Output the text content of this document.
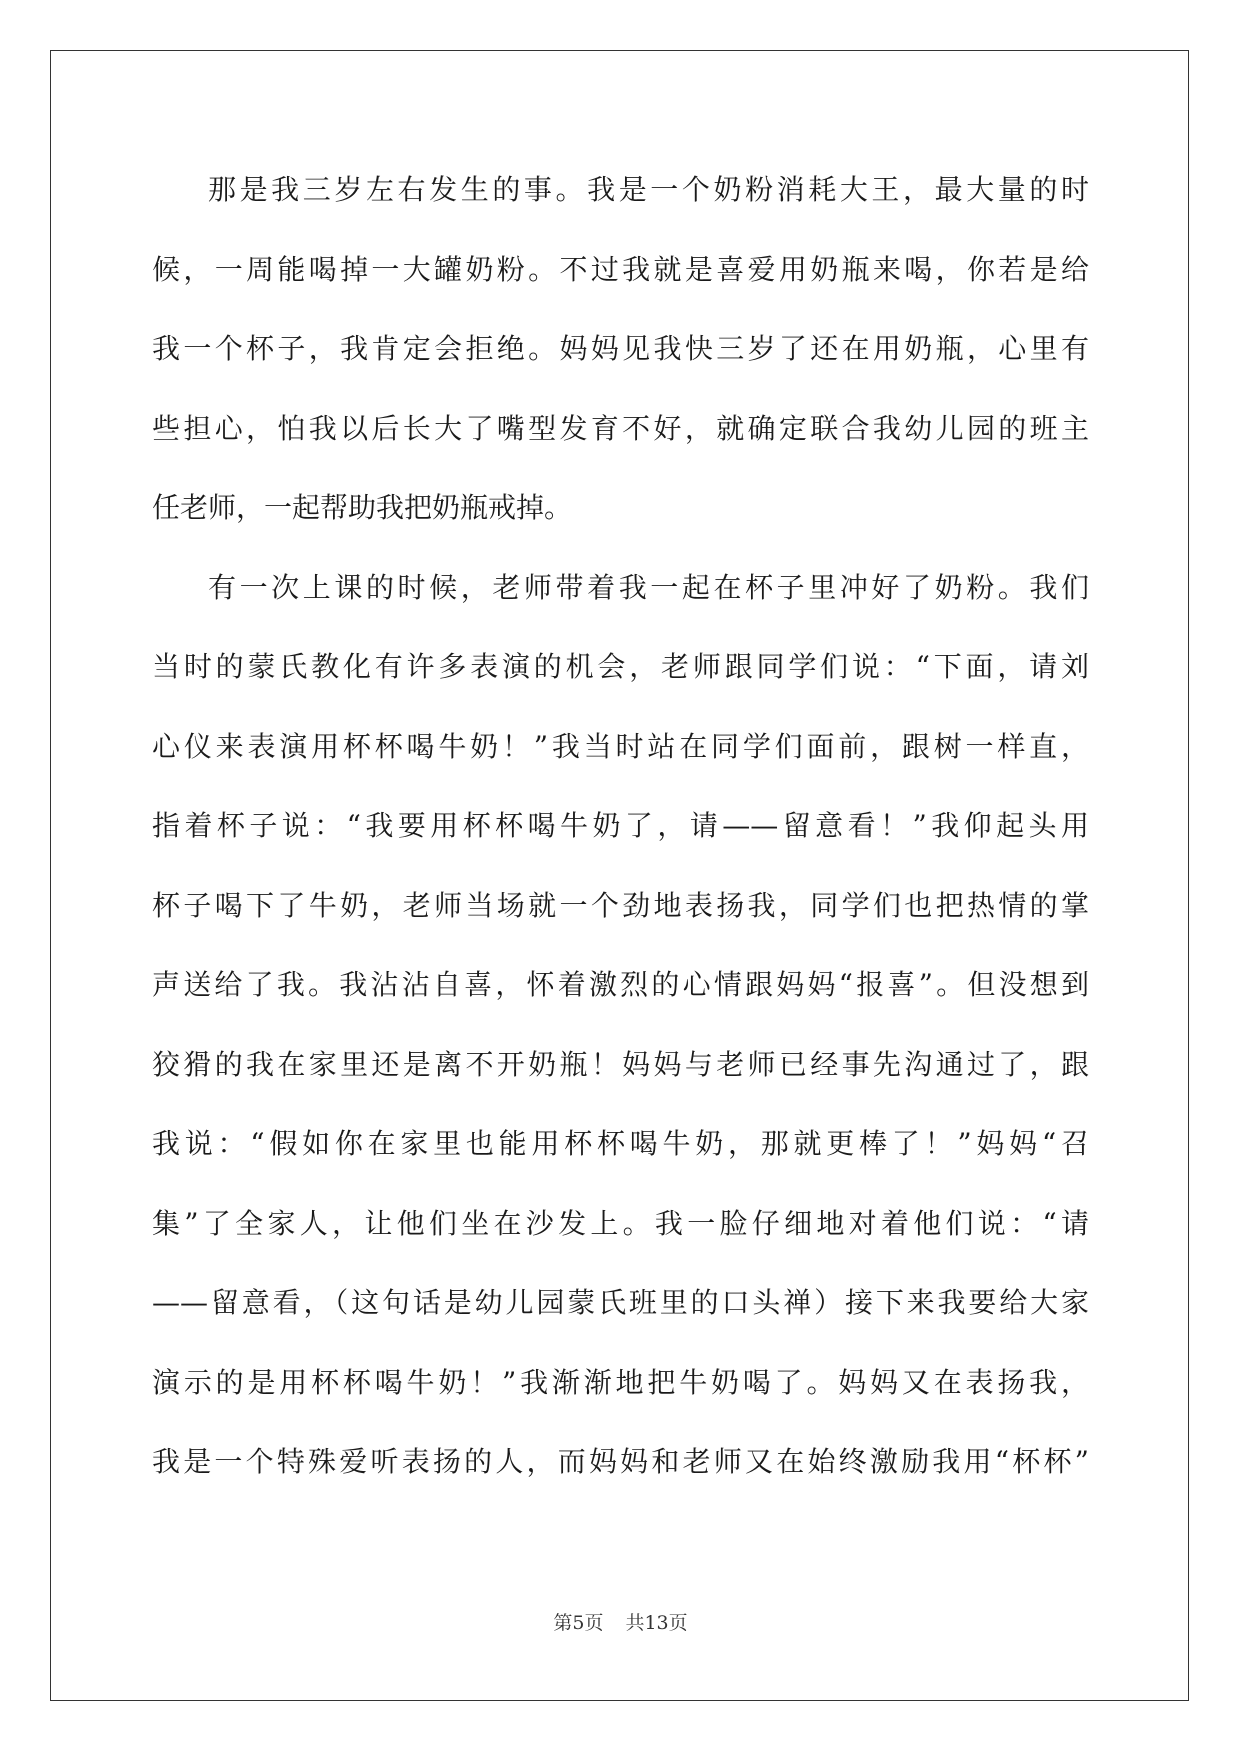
那是我三岁左右发生的事。我是一个奶粉消耗大王，最大量的时
候，一周能喝掉一大罐奶粉。不过我就是喜爱用奶瓶来喝，你若是给
我一个杯子，我肯定会拒绝。妈妈见我快三岁了还在用奶瓶，心里有
些担心，怕我以后长大了嘴型发育不好，就确定联合我幼儿园的班主
任老师，一起帮助我把奶瓶戒掉。
有一次上课的时候，老师带着我一起在杯子里冲好了奶粉。我们
当时的蒙氏教化有许多表演的机会，老师跟同学们说：“下面，请刘
心仪来表演用杯杯喝牛奶！”我当时站在同学们面前，跟树一样直，
指着杯子说：“我要用杯杯喝牛奶了，请——留意看！”我仰起头用
杯子喝下了牛奶，老师当场就一个劲地表扬我，同学们也把热情的掌
声送给了我。我沾沾自喜，怀着激烈的心情跟妈妈“报喜”。但没想到
狡猾的我在家里还是离不开奶瓶！妈妈与老师已经事先沟通过了，跟
我说：“假如你在家里也能用杯杯喝牛奶，那就更棒了！”妈妈“召
集”了全家人，让他们坐在沙发上。我一脸仔细地对着他们说：“请
——留意看，（这句话是幼儿园蒙氏班里的口头禅）接下来我要给大家
演示的是用杯杯喝牛奶！”我渐渐地把牛奶喝了。妈妈又在表扬我，
我是一个特殊爱听表扬的人，而妈妈和老师又在始终激励我用“杯杯”
第5页 共13页
